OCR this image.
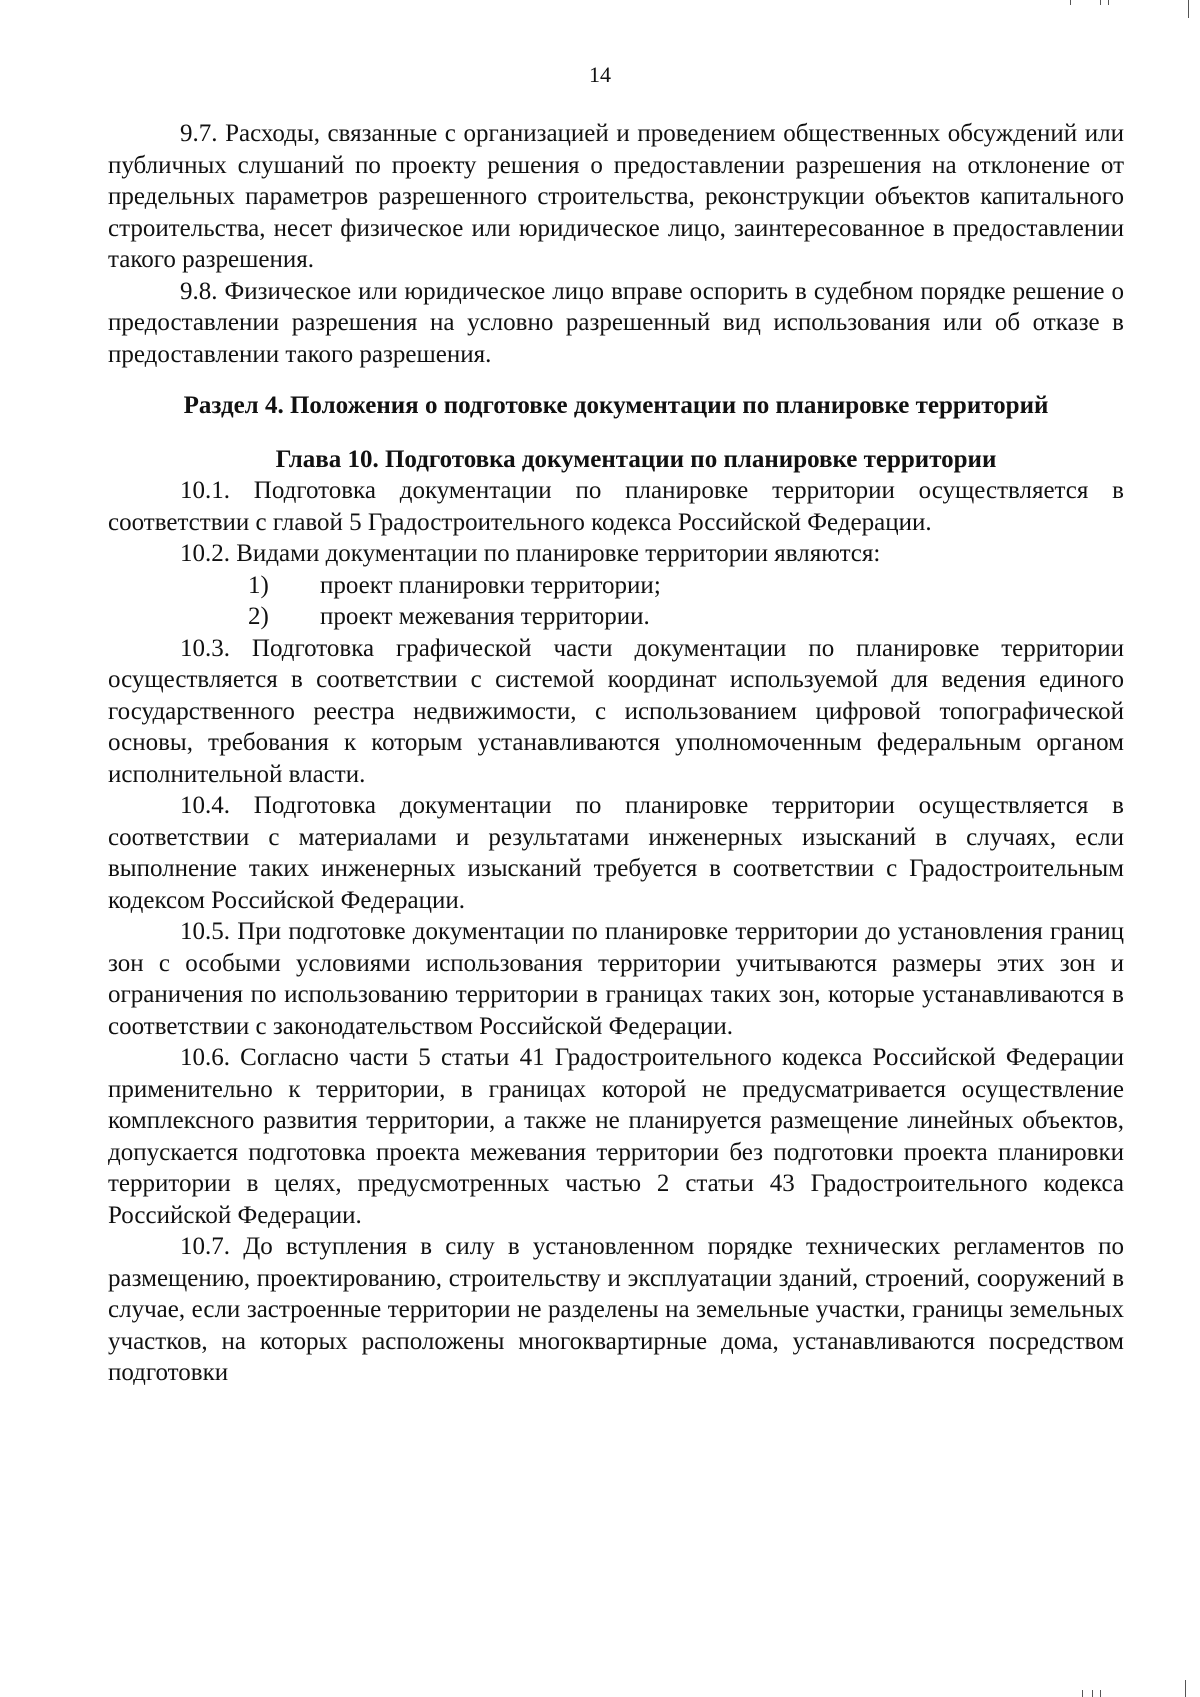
14

9.7. Расходы, связанные с организацией и проведением общественных обсуждений или публичных слушаний по проекту решения о предоставлении разрешения на отклонение от предельных параметров разрешенного строительства, реконструкции объектов капитального строительства, несет физическое или юридическое лицо, заинтересованное в предоставлении такого разрешения.

9.8. Физическое или юридическое лицо вправе оспорить в судебном порядке решение о предоставлении разрешения на условно разрешенный вид использования или об отказе в предоставлении такого разрешения.

Раздел 4. Положения о подготовке документации по планировке территорий

Глава 10. Подготовка документации по планировке территории

10.1. Подготовка документации по планировке территории осуществляется в соответствии с главой 5 Градостроительного кодекса Российской Федерации.

10.2. Видами документации по планировке территории являются:

1) проект планировки территории;

2) проект межевания территории.

10.3. Подготовка графической части документации по планировке территории осуществляется в соответствии с системой координат используемой для ведения единого государственного реестра недвижимости, с использованием цифровой топографической основы, требования к которым устанавливаются уполномоченным федеральным органом исполнительной власти.

10.4. Подготовка документации по планировке территории осуществляется в соответствии с материалами и результатами инженерных изысканий в случаях, если выполнение таких инженерных изысканий требуется в соответствии с Градостроительным кодексом Российской Федерации.

10.5. При подготовке документации по планировке территории до установления границ зон с особыми условиями использования территории учитываются размеры этих зон и ограничения по использованию территории в границах таких зон, которые устанавливаются в соответствии с законодательством Российской Федерации.

10.6. Согласно части 5 статьи 41 Градостроительного кодекса Российской Федерации применительно к территории, в границах которой не предусматривается осуществление комплексного развития территории, а также не планируется размещение линейных объектов, допускается подготовка проекта межевания территории без подготовки проекта планировки территории в целях, предусмотренных частью 2 статьи 43 Градостроительного кодекса Российской Федерации.

10.7. До вступления в силу в установленном порядке технических регламентов по размещению, проектированию, строительству и эксплуатации зданий, строений, сооружений в случае, если застроенные территории не разделены на земельные участки, границы земельных участков, на которых расположены многоквартирные дома, устанавливаются посредством подготовки
